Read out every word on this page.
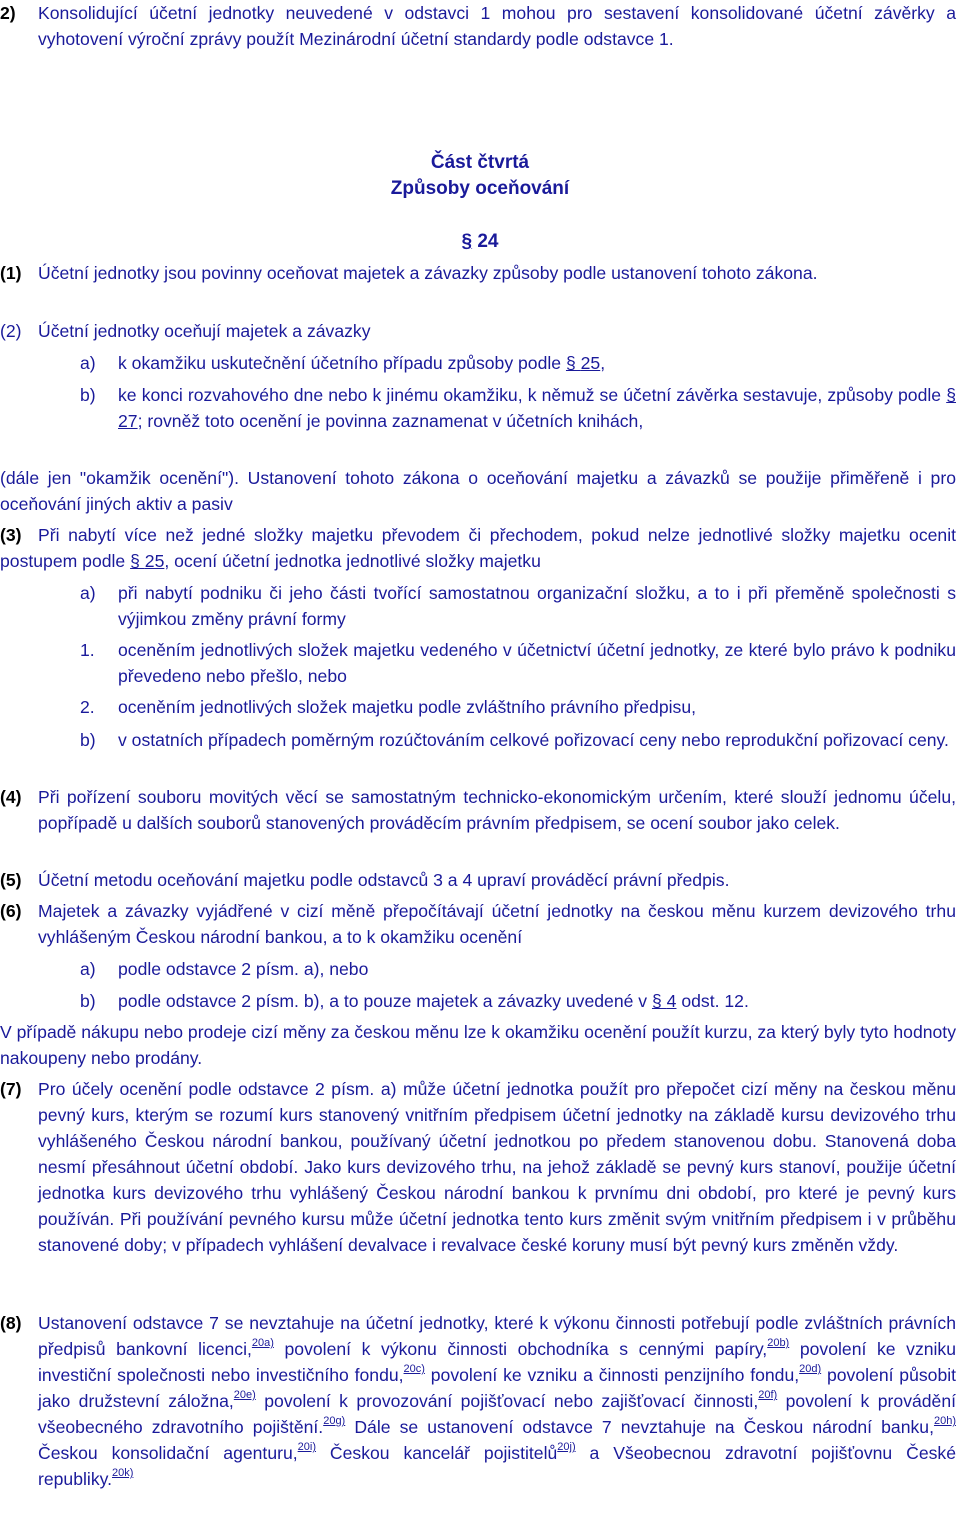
2)	Konsolidující účetní jednotky neuvedené v odstavci 1 mohou pro sestavení konsolidované účetní závěrky a vyhotovení výroční zprávy použít Mezinárodní účetní standardy podle odstavce 1.
Část čtvrtá
Způsoby oceňování
§ 24
(1) Účetní jednotky jsou povinny oceňovat majetek a závazky způsoby podle ustanovení tohoto zákona.
(2) Účetní jednotky oceňují majetek a závazky
a)	k okamžiku uskutečnění účetního případu způsoby podle § 25,
b)	ke konci rozvahového dne nebo k jinému okamžiku, k němuž se účetní závěrka sestavuje, způsoby podle § 27; rovněž toto ocenění je povinna zaznamenat v účetních knihách,
(dále jen "okamžik ocenění"). Ustanovení tohoto zákona o oceňování majetku a závazků se použije přiměřeně i pro oceňování jiných aktiv a pasiv
(3) Při nabytí více než jedné složky majetku převodem či přechodem, pokud nelze jednotlivé složky majetku ocenit postupem podle § 25, ocení účetní jednotka jednotlivé složky majetku
a)	při nabytí podniku či jeho části tvořící samostatnou organizační složku, a to i při přeměně společnosti s výjimkou změny právní formy
1.	oceněním jednotlivých složek majetku vedeného v účetnictví účetní jednotky, ze které bylo právo k podniku převedeno nebo přešlo, nebo
2.	oceněním jednotlivých složek majetku podle zvláštního právního předpisu,
b)	v ostatních případech poměrným rozúčtováním celkové pořizovací ceny nebo reprodukční pořizovací ceny.
(4) Při pořízení souboru movitých věcí se samostatným technicko-ekonomickým určením, které slouží jednomu účelu, popřípadě u dalších souborů stanovených prováděcím právním předpisem, se ocení soubor jako celek.
(5) Účetní metodu oceňování majetku podle odstavců 3 a 4 upraví prováděcí právní předpis.
(6) Majetek a závazky vyjádřené v cizí měně přepočítávají účetní jednotky na českou měnu kurzem devizového trhu vyhlášeným Českou národní bankou, a to k okamžiku ocenění
a)	podle odstavce 2 písm. a), nebo
b)	podle odstavce 2 písm. b), a to pouze majetek a závazky uvedené v § 4 odst. 12.
V případě nákupu nebo prodeje cizí měny za českou měnu lze k okamžiku ocenění použít kurzu, za který byly tyto hodnoty nakoupeny nebo prodány.
(7) Pro účely ocenění podle odstavce 2 písm. a) může účetní jednotka použít pro přepočet cizí měny na českou měnu pevný kurs, kterým se rozumí kurs stanovený vnitřním předpisem účetní jednotky na základě kursu devizového trhu vyhlášeného Českou národní bankou, používaný účetní jednotkou po předem stanovenou dobu. Stanovená doba nesmí přesáhnout účetní období. Jako kurs devizového trhu, na jehož základě se pevný kurs stanoví, použije účetní jednotka kurs devizového trhu vyhlášený Českou národní bankou k prvnímu dni období, pro které je pevný kurs používán. Při používání pevného kursu může účetní jednotka tento kurs změnit svým vnitřním předpisem i v průběhu stanovené doby; v případech vyhlášení devalvace i revalvace české koruny musí být pevný kurs změněn vždy.
(8) Ustanovení odstavce 7 se nevztahuje na účetní jednotky, které k výkonu činnosti potřebují podle zvláštních právních předpisů bankovní licenci,$^{20a)}$ povolení k výkonu činnosti obchodníka s cennými papíry,$^{20b)}$ povolení ke vzniku investiční společnosti nebo investičního fondu,$^{20c)}$ povolení ke vzniku a činnosti penzijního fondu,$^{20d)}$ povolení působit jako družstevní záložna,$^{20e)}$ povolení k provozování pojišťovací nebo zajišťovací činnosti,$^{20f)}$ povolení k provádění všeobecného zdravotního pojištění.$^{20g)}$ Dále se ustanovení odstavce 7 nevztahuje na Českou národní banku,$^{20h)}$ Českou konsolidační agenturu,$^{20i)}$ Českou kancelář pojistitelů$^{20j)}$ a Všeobecnou zdravotní pojišťovnu České republiky.$^{20k)}$
